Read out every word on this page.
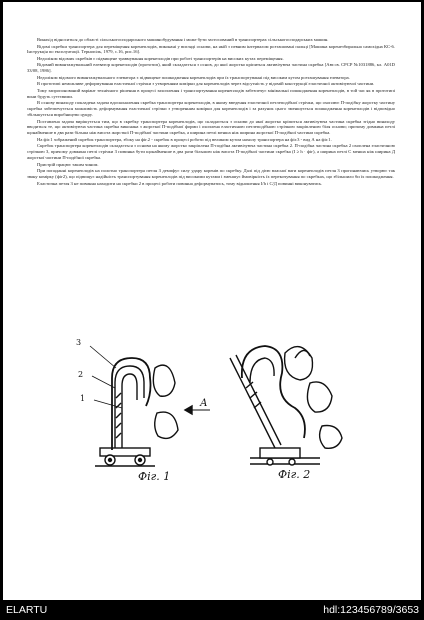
Винахід відноситься до області сільськогосподарського машинобудування і може бути застосований в транспортерах сільськогосподарських машин.

Відомі скребки транспортера для переміщення коренеплодів, виконані у вигляді основи, на якій з певним інтервалом розташовані пальці [Машина коренезбиральна самохідна КС-6. Інструкція по експлуатації. Тернопіль, 1979, с.16, рис.16].

Недоліком відомих скребків є підвищене травмування коренеплодів при роботі транспортерів на високих кутах переміщення.

Відомий вивантажувальний елеватор коренеплодів (прототип), який складається з основ, до якої жорстко кріпиться активізуюча частина скребка [Авт.св. СРСР №1031886, кл. А01D 33/08, 1986].

Недоліком відомого вивантажувального елеватора є підвищене пошкодження коренеплодів при їх транспортуванні під високим кутом розташування елеватора.

В прототипі неможливе деформування еластичної стрічки з утворенням комірки для коренеплодів через відсутність у відомій конструкції еластичної активізуючої частини.

Тому запропонований варіант технічного рішення в процесі захоплення і транспортування коренеплодів забезпечує мінімальні пошкодження коренеплодів, в той час як в прототипі вони будуть суттєвими.

В основу винаходу покладена задача вдосконалення скребка транспортера коренеплодів, в якому введення еластичної петлеподібної стрічки, що охоплює П-подібну жорстку частину скребка забезпечується можливість деформування еластичної стрічки з утворенням комірки для коренеплодів і за рахунок цього зменшується пошкодження коренеплодів і відповідно збільшується виробництво цукру.

Поставлена задача вирішується тим, що в скребку транспортера коренеплодів, що складається з основи до якої жорстко кріпиться активізуюча частина скребка згідно винаходу вводиться те, що активізуюча частина скребка виконана з жорсткої П-подібної форми і охоплена еластичною петлеподібною стрічкою закріпленою біля основи; причому довжина петлі щонайменше в два рази більша ніж висота жорсткої П-подібної частини скребка, а ширина петлі менша ніж ширина жорсткої П-подібної частини скребка.

На фіг.1 зображений скребок транспортера, збоку на фіг.2 - скребок в процесі роботи під великим кутом нахилу транспортера на фіг.3 - вид А на фіг.1.

Скребок транспортера коренеплодів складається з основи на якому жорстко закріплена П-подібна активізуюча частина скребка 2. П-подібна частина скребка 2 охоплена еластичною стрічкою 3, причому довжина петлі стрічки 3 повинна бути щонайменше в два рази більшою ніж висота П-подібної частини скребка (І ≥ h · фіг), а ширина петлі С менша ніж ширина Д жорсткої частини П-подібної скребка.

Пристрій працює таким чином.

При попаданні коренеплодів на полотно транспортера петля 3 демпфує силу удару коренів по скребку. Далі під дією власної ваги коренеплодів петля 3 прогинаючись утворює так звану комірку (фіг2), що підвищує надійність транспортування коренеплодів під високими кутами і зменшує ймовірність їх перекочування по скребках, що збільшило би їх пошкодження.

Еластична петля 3 не повинна находити на скребки 2 в процесі роботи повинна деформуватись, тому відношення І/h і С/Д повинні виконуватись.

3
2
1	А
Фіг. 1	Фіг. 2
ELARTU	hdl:123456789/3653
